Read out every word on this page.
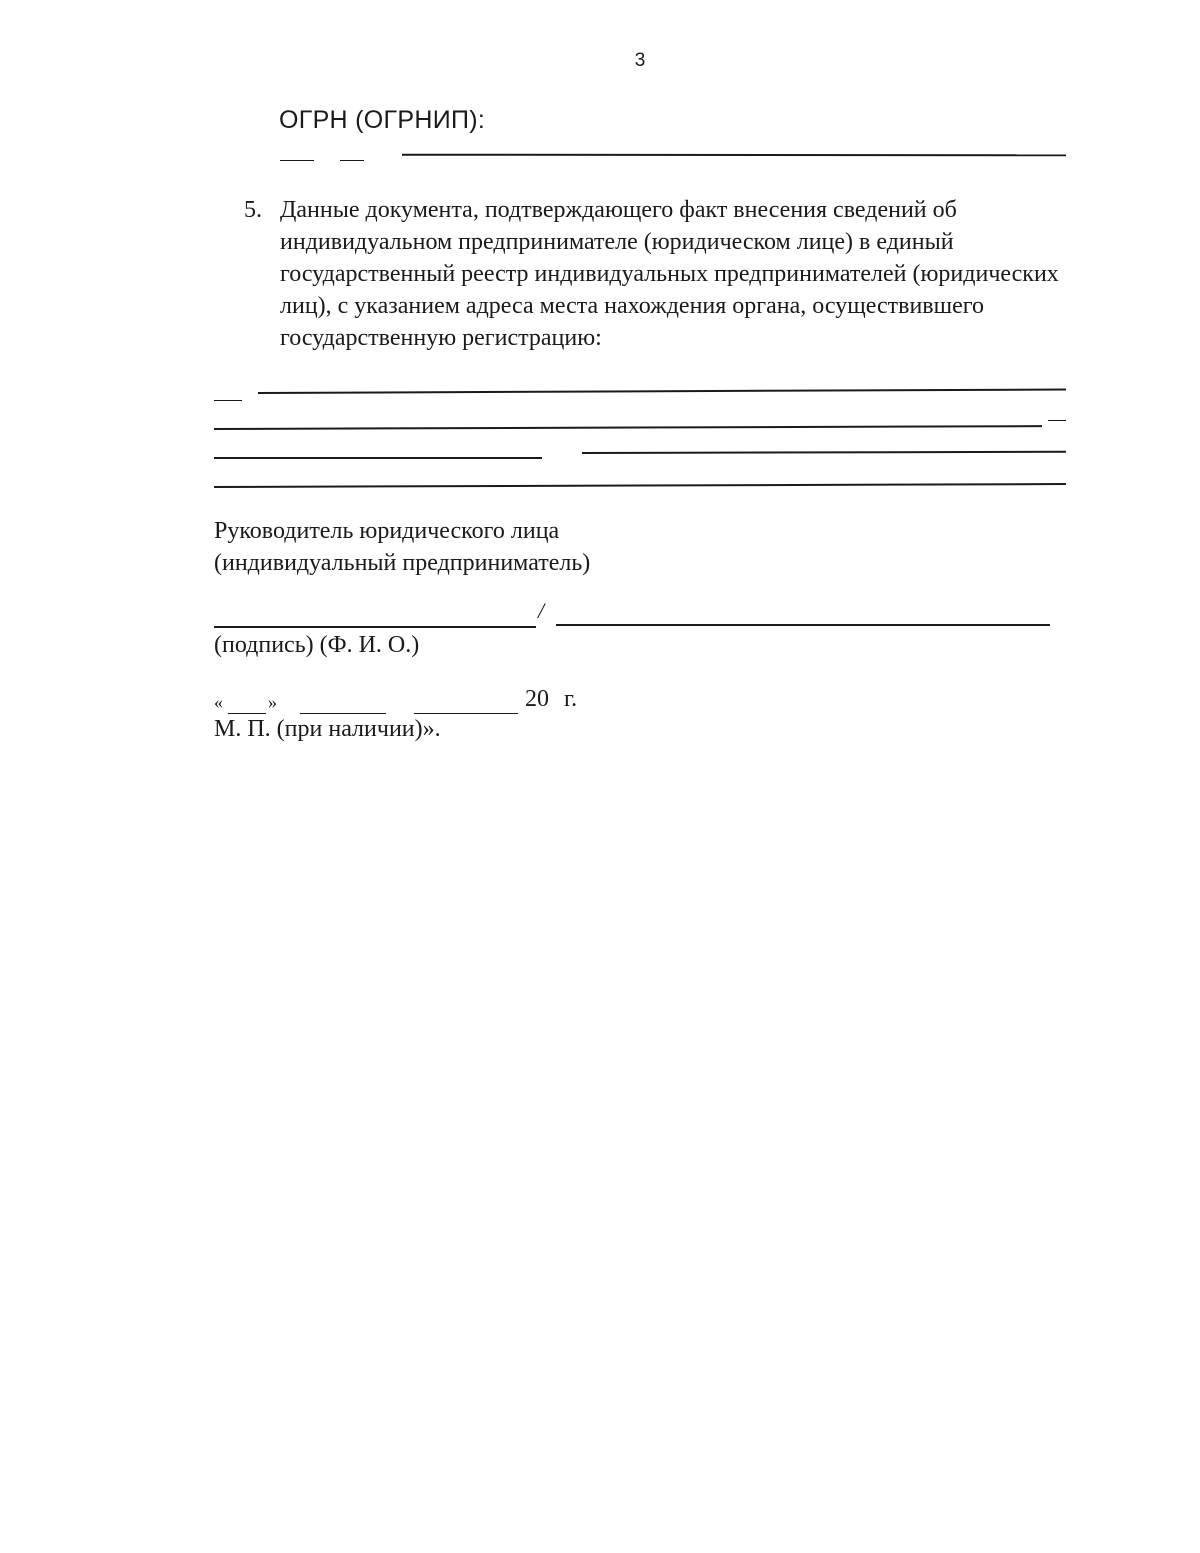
3
ОГРН (ОГРНИП):
5. Данные документа, подтверждающего факт внесения сведений об индивидуальном предпринимателе (юридическом лице) в единый государственный реестр индивидуальных предпринимателей (юридических лиц), с указанием адреса места нахождения органа, осуществившего государственную регистрацию:
Руководитель юридического лица
(индивидуальный предприниматель)
/
(подпись) (Ф. И. О.)
«	»	20 г.
М. П. (при наличии)».
